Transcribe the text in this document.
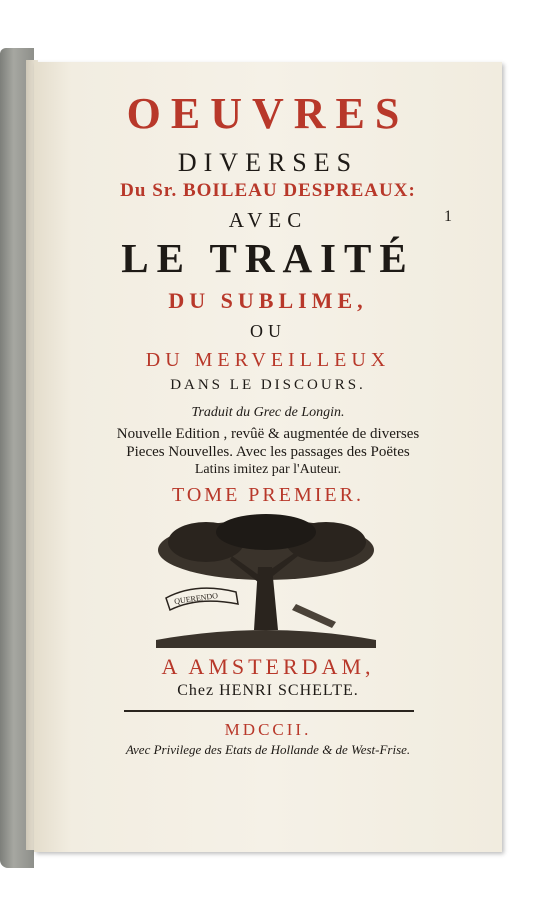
OEUVRES
DIVERSES
Du Sr. BOILEAU DESPREAUX:
AVEC	1
LE TRAITÉ
DU SUBLIME,
OU
DU MERVEILLEUX
DANS LE DISCOURS.
Traduit du Grec de Longin.
Nouvelle Edition , revûë & augmentée de diverses
Pieces Nouvelles. Avec les passages des Poëtes
Latins imitez par l'Auteur.
TOME PREMIER.
QUERENDO
A AMSTERDAM,
Chez HENRI SCHELTE.
MDCCII.
Avec Privilege des Etats de Hollande & de West-Frise.
